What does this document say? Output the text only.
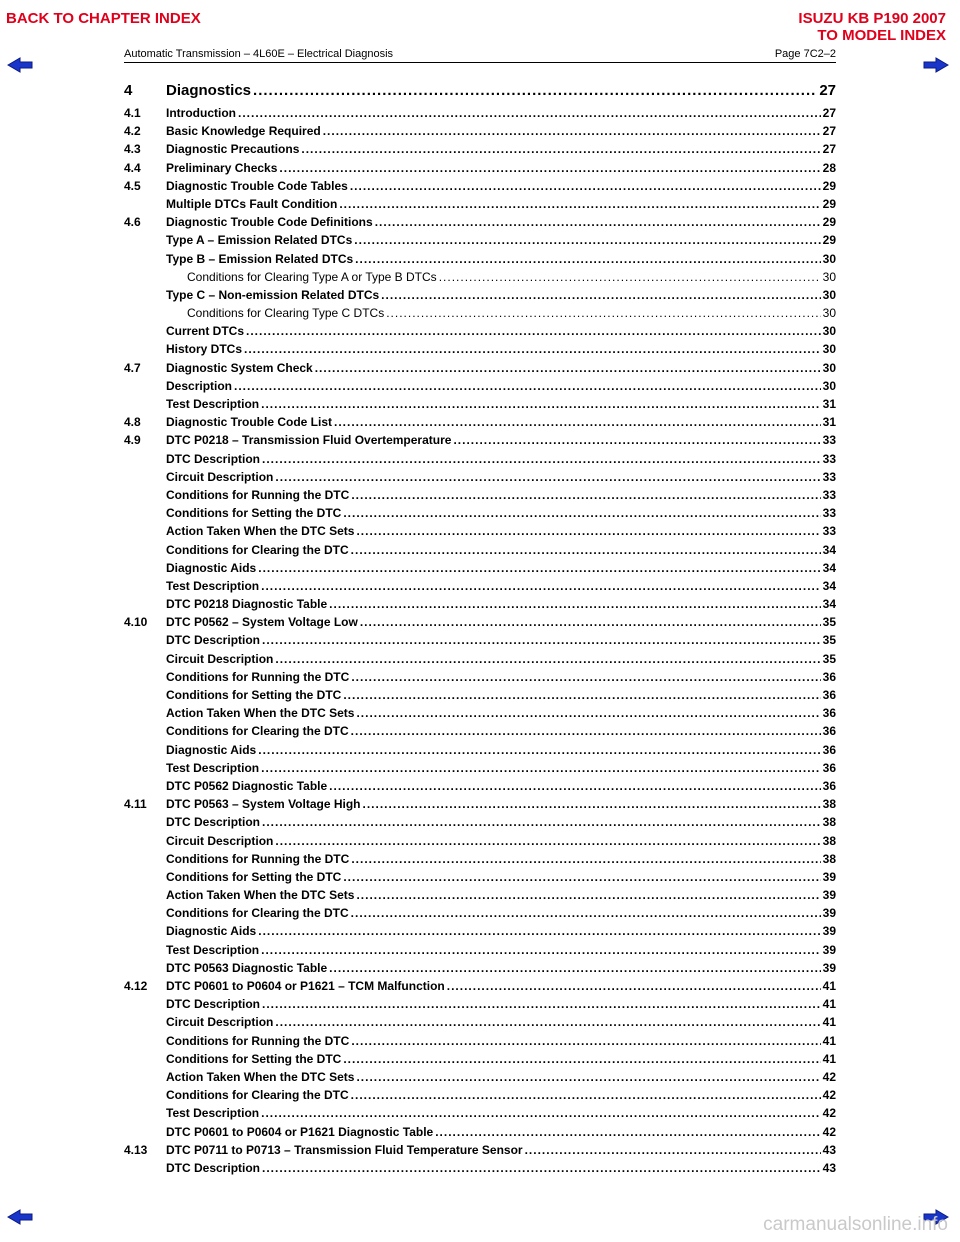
BACK TO CHAPTER INDEX	ISUZU KB P190 2007
TO MODEL INDEX
Automatic Transmission – 4L60E – Electrical Diagnosis	Page 7C2–2
4	Diagnostics .....	27
4.1	Introduction .....	27
4.2	Basic Knowledge Required .....	27
4.3	Diagnostic Precautions .....	27
4.4	Preliminary Checks .....	28
4.5	Diagnostic Trouble Code Tables .....	29
Multiple DTCs Fault Condition .....	29
4.6	Diagnostic Trouble Code Definitions .....	29
Type A – Emission Related DTCs .....	29
Type B – Emission Related DTCs .....	30
Conditions for Clearing Type A or Type B DTCs .....	30
Type C – Non-emission Related DTCs .....	30
Conditions for Clearing Type C DTCs .....	30
Current DTCs .....	30
History DTCs .....	30
4.7	Diagnostic System Check .....	30
Description .....	30
Test Description .....	31
4.8	Diagnostic Trouble Code List .....	31
4.9	DTC P0218 – Transmission Fluid Overtemperature .....	33
DTC Description .....	33
Circuit Description .....	33
Conditions for Running the DTC .....	33
Conditions for Setting the DTC .....	33
Action Taken When the DTC Sets .....	33
Conditions for Clearing the DTC .....	34
Diagnostic Aids .....	34
Test Description .....	34
DTC P0218 Diagnostic Table .....	34
4.10	DTC P0562 – System Voltage Low .....	35
DTC Description .....	35
Circuit Description .....	35
Conditions for Running the DTC .....	36
Conditions for Setting the DTC .....	36
Action Taken When the DTC Sets .....	36
Conditions for Clearing the DTC .....	36
Diagnostic Aids .....	36
Test Description .....	36
DTC P0562 Diagnostic Table .....	36
4.11	DTC P0563 – System Voltage High .....	38
DTC Description .....	38
Circuit Description .....	38
Conditions for Running the DTC .....	38
Conditions for Setting the DTC .....	39
Action Taken When the DTC Sets .....	39
Conditions for Clearing the DTC .....	39
Diagnostic Aids .....	39
Test Description .....	39
DTC P0563 Diagnostic Table .....	39
4.12	DTC P0601 to P0604 or P1621 – TCM Malfunction .....	41
DTC Description .....	41
Circuit Description .....	41
Conditions for Running the DTC .....	41
Conditions for Setting the DTC .....	41
Action Taken When the DTC Sets .....	42
Conditions for Clearing the DTC .....	42
Test Description .....	42
DTC P0601 to P0604 or P1621 Diagnostic Table .....	42
4.13	DTC P0711 to P0713 – Transmission Fluid Temperature Sensor .....	43
DTC Description .....	43
carmanualsonline.info
